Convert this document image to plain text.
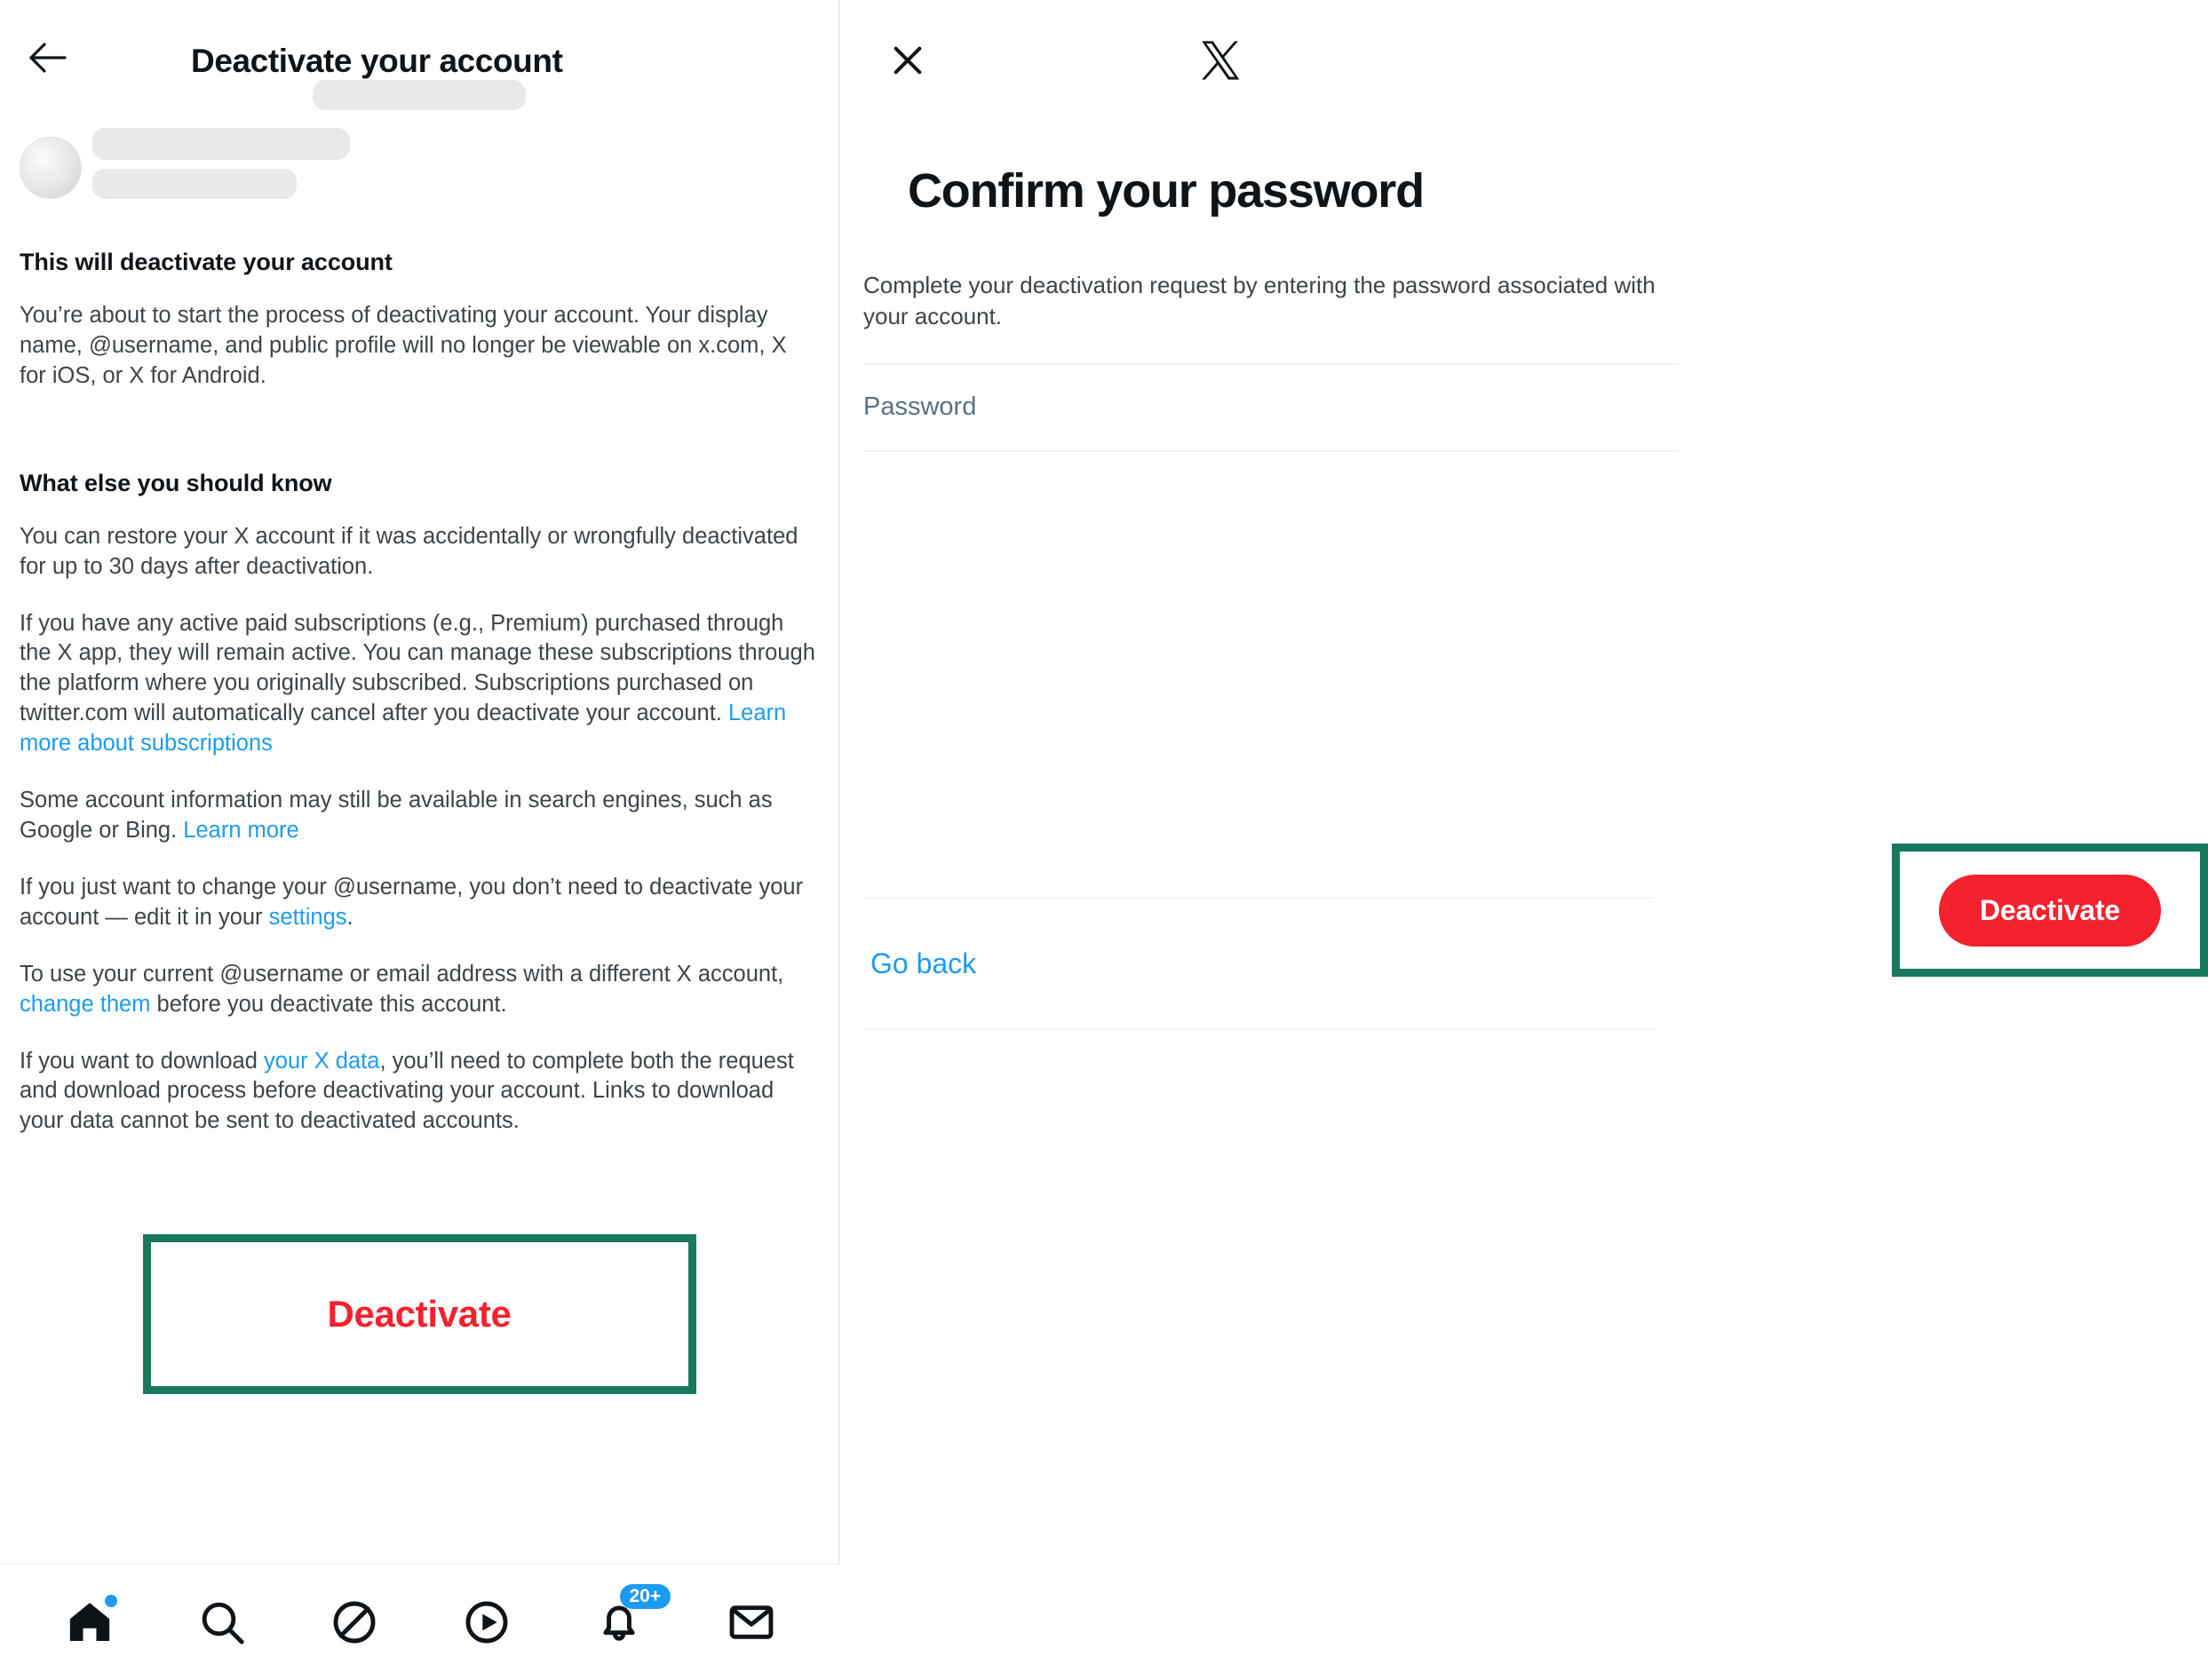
Deactivate your account
This will deactivate your account
You’re about to start the process of deactivating your account. Your display name, @username, and public profile will no longer be viewable on x.com, X for iOS, or X for Android.
What else you should know
You can restore your X account if it was accidentally or wrongfully deactivated for up to 30 days after deactivation.
If you have any active paid subscriptions (e.g., Premium) purchased through the X app, they will remain active. You can manage these subscriptions through the platform where you originally subscribed. Subscriptions purchased on twitter.com will automatically cancel after you deactivate your account. Learn more about subscriptions
Some account information may still be available in search engines, such as Google or Bing. Learn more
If you just want to change your @username, you don’t need to deactivate your account — edit it in your settings.
To use your current @username or email address with a different X account, change them before you deactivate this account.
If you want to download your X data, you’ll need to complete both the request and download process before deactivating your account. Links to download your data cannot be sent to deactivated accounts.
Deactivate
20+
Confirm your password
Complete your deactivation request by entering the password associated with your account.
Go back
Deactivate
